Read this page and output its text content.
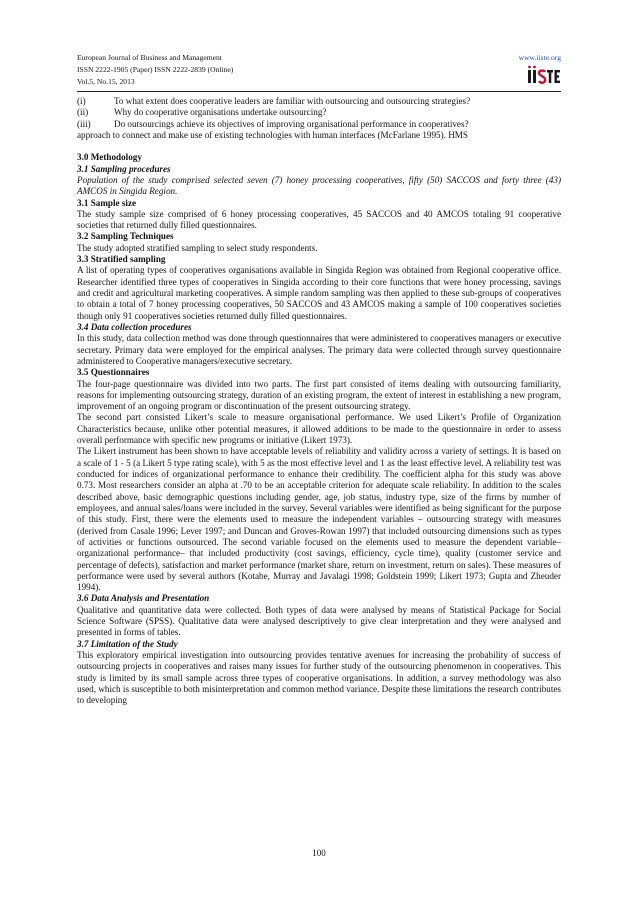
European Journal of Business and Management
ISSN 2222-1905 (Paper) ISSN 2222-2839 (Online)
Vol.5, No.15, 2013
www.iiste.org
(i)	To what extent does cooperative leaders are familiar with outsourcing and outsourcing strategies?
(ii)	Why do cooperative organisations undertake outsourcing?
(iii)	Do outsourcings achieve its objectives of improving organisational performance in cooperatives?

approach to connect and make use of existing technologies with human interfaces (McFarlane 1995). HMS

3.0 Methodology

3.1 Sampling procedures

Population of the study comprised selected seven (7) honey processing cooperatives, fifty (50) SACCOS and forty three (43) AMCOS in Singida Region.

3.1 Sample size

The study sample size comprised of 6 honey processing cooperatives, 45 SACCOS and 40 AMCOS totaling 91 cooperative societies that returned dully filled questionnaires.

3.2 Sampling Techniques

The study adopted stratified sampling to select study respondents.

3.3 Stratified sampling

A list of operating types of cooperatives organisations available in Singida Region was obtained from Regional cooperative office. Researcher identified three types of cooperatives in Singida according to their core functions that were honey processing, savings and credit and agricultural marketing cooperatives. A simple random sampling was then applied to these sub-groups of cooperatives to obtain a total of 7 honey processing cooperatives, 50 SACCOS and 43 AMCOS making a sample of 100 cooperatives societies though only 91 cooperatives societies returned dully filled questionnaires.

3.4 Data collection procedures

In this study, data collection method was done through questionnaires that were administered to cooperatives managers or executive secretary. Primary data were employed for the empirical analyses. The primary data were collected through survey questionnaire administered to Cooperative managers/executive secretary.

3.5 Questionnaires

The four-page questionnaire was divided into two parts. The first part consisted of items dealing with outsourcing familiarity, reasons for implementing outsourcing strategy, duration of an existing program, the extent of interest in establishing a new program, improvement of an ongoing program or discontinuation of the present outsourcing strategy.

The second part consisted Likert’s scale to measure organisational performance. We used Likert’s Profile of Organization Characteristics because, unlike other potential measures, it allowed additions to be made to the questionnaire in order to assess overall performance with specific new programs or initiative (Likert 1973).

The Likert instrument has been shown to have acceptable levels of reliability and validity across a variety of settings. It is based on a scale of 1 - 5 (a Likert 5 type rating scale), with 5 as the most effective level and 1 as the least effective level. A reliability test was conducted for indices of organizational performance to enhance their credibility. The coefficient alpha for this study was above 0.73. Most researchers consider an alpha at .70 to be an acceptable criterion for adequate scale reliability. In addition to the scales described above, basic demographic questions including gender, age, job status, industry type, size of the firms by number of employees, and annual sales/loans were included in the survey. Several variables were identified as being significant for the purpose of this study. First, there were the elements used to measure the independent variables – outsourcing strategy with measures (derived from Casale 1996; Lever 1997; and Duncan and Groves-Rowan 1997) that included outsourcing dimensions such as types of activities or functions outsourced. The second variable focused on the elements used to measure the dependent variable–organizational performance– that included productivity (cost savings, efficiency, cycle time), quality (customer service and percentage of defects), satisfaction and market performance (market share, return on investment, return on sales). These measures of performance were used by several authors (Kotabe, Murray and Javalagi 1998; Goldstein 1999; Likert 1973; Gupta and Zheuder 1994).

3.6 Data Analysis and Presentation

Qualitative and quantitative data were collected. Both types of data were analysed by means of Statistical Package for Social Science Software (SPSS). Qualitative data were analysed descriptively to give clear interpretation and they were analysed and presented in forms of tables.

3.7 Limitation of the Study

This exploratory empirical investigation into outsourcing provides tentative avenues for increasing the probability of success of outsourcing projects in cooperatives and raises many issues for further study of the outsourcing phenomenon in cooperatives. This study is limited by its small sample across three types of cooperative organisations. In addition, a survey methodology was also used, which is susceptible to both misinterpretation and common method variance. Despite these limitations the research contributes to developing

100
